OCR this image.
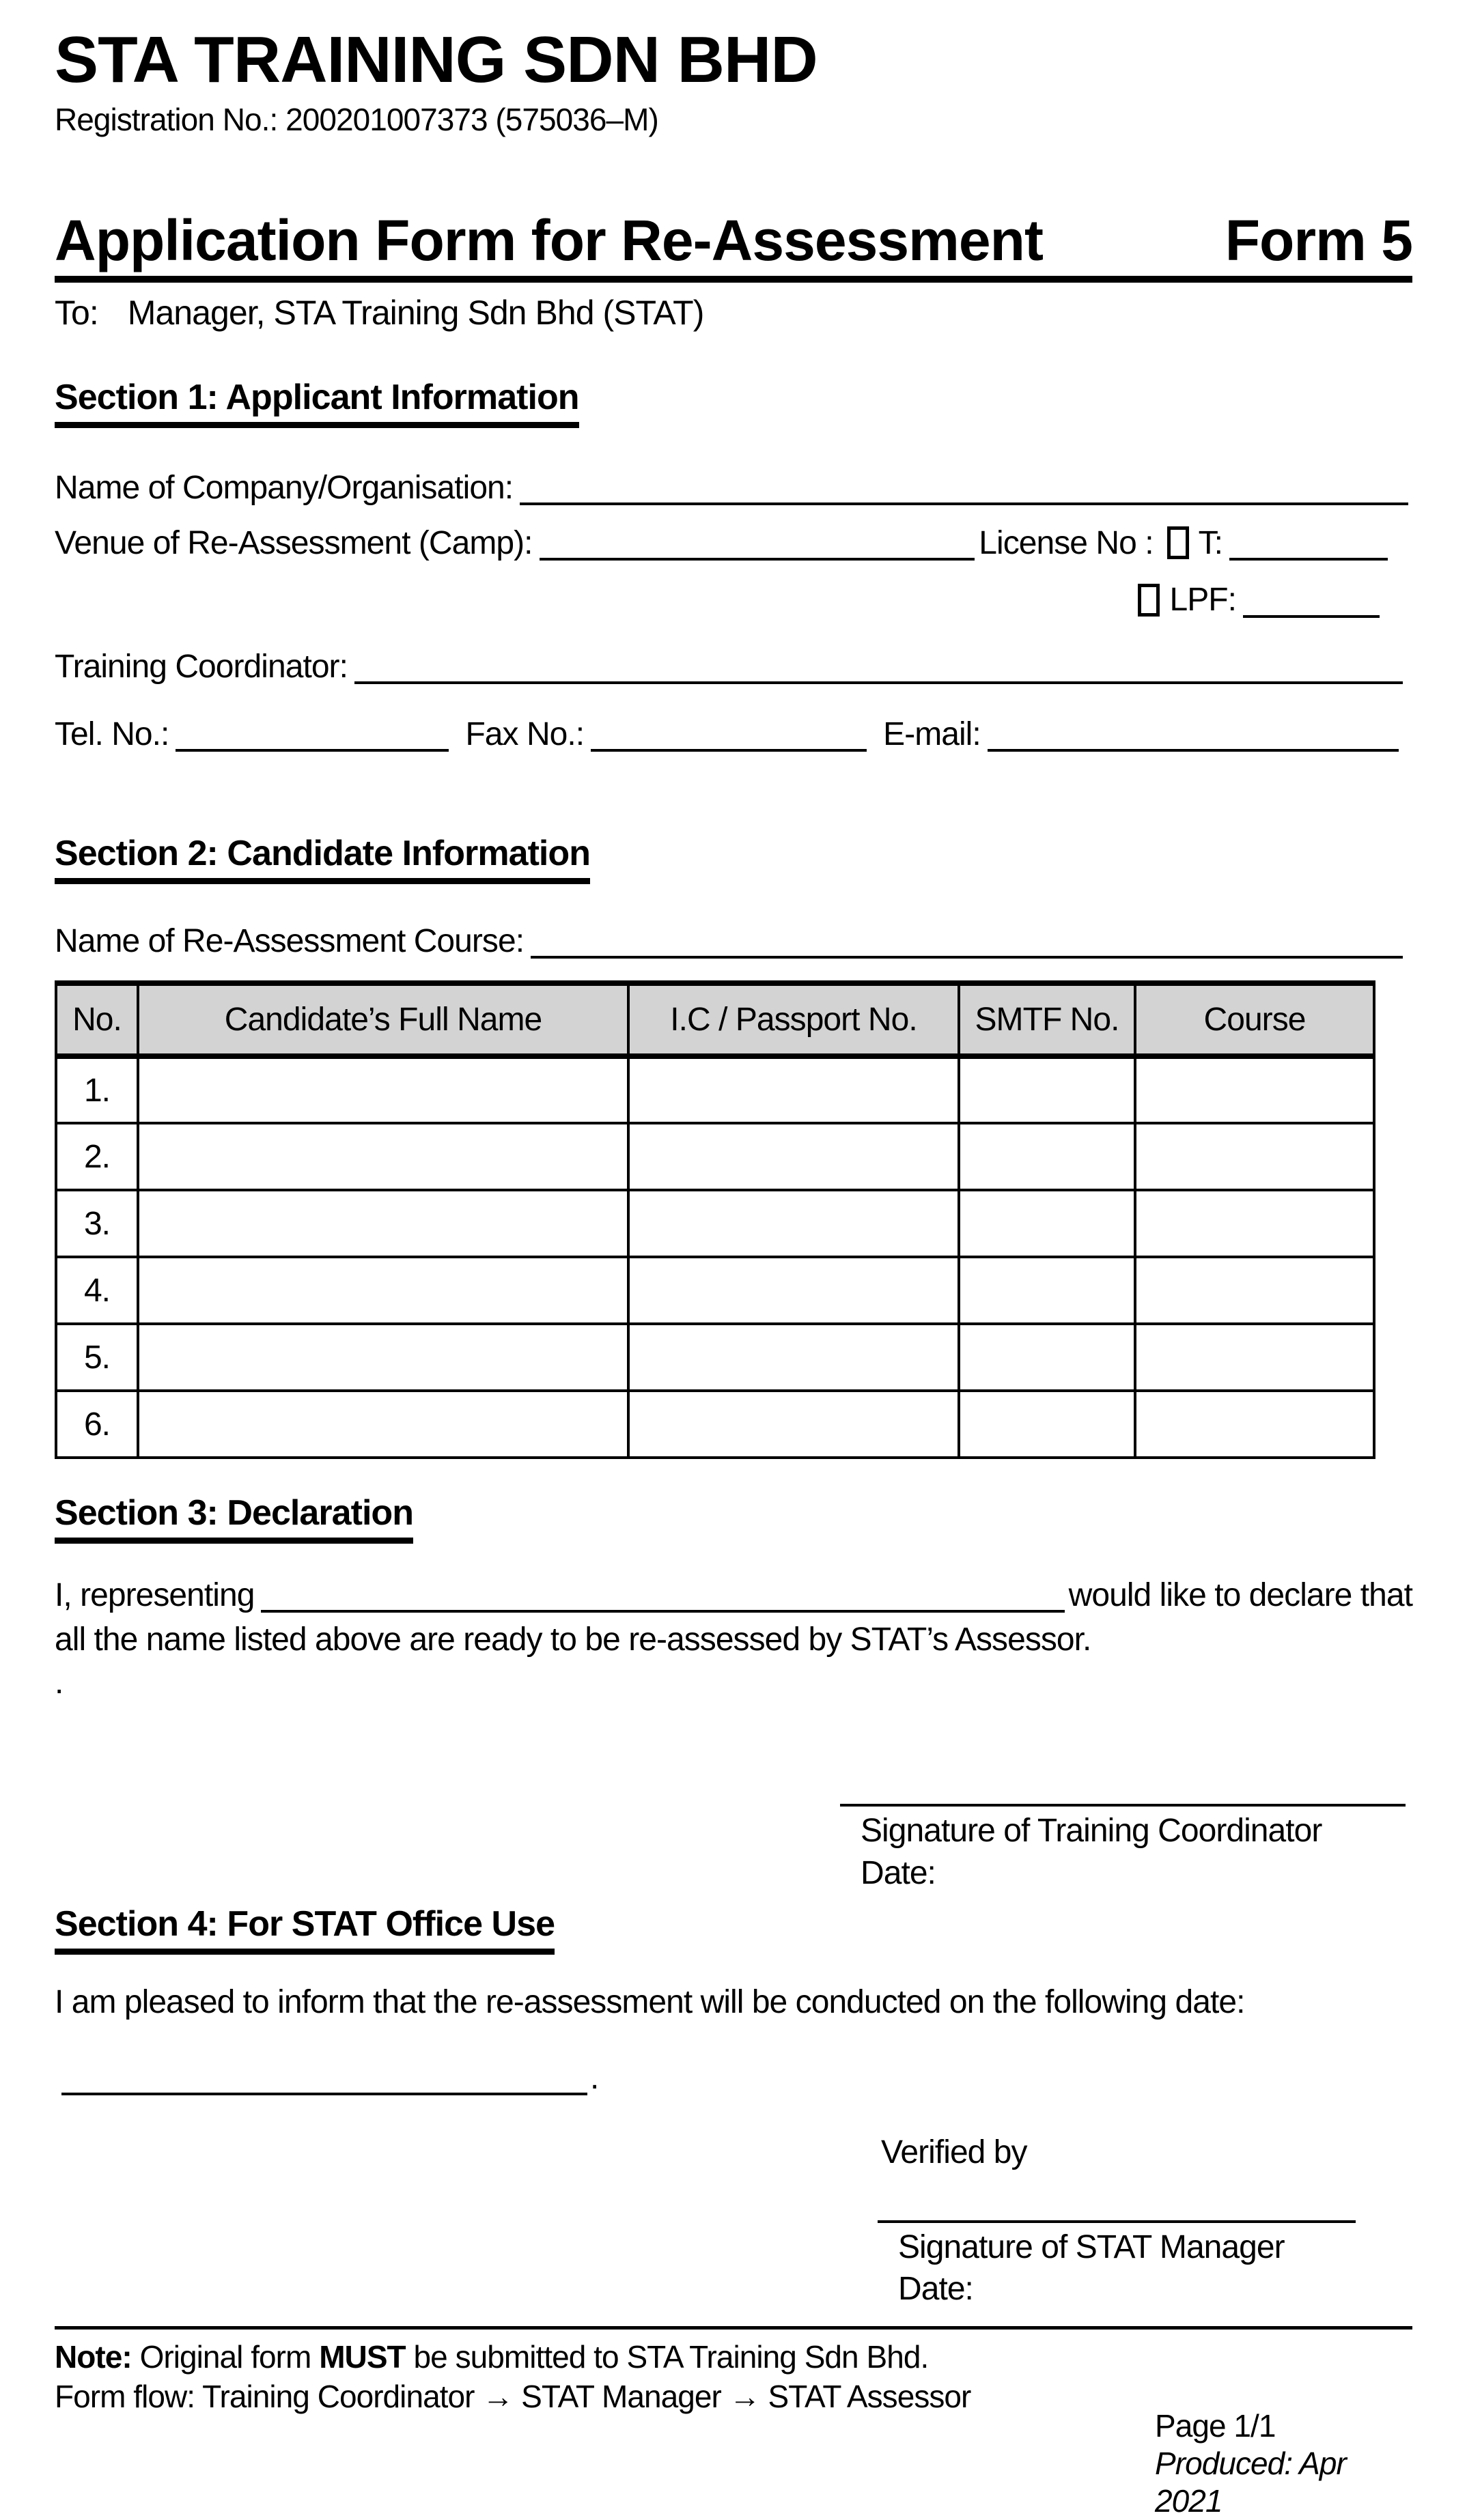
STA TRAINING SDN BHD
Registration No.: 200201007373 (575036–M)
Application Form for Re-Assessment	Form 5
To: Manager, STA Training Sdn Bhd (STAT)
Section 1: Applicant Information
Name of Company/Organisation:
Venue of Re-Assessment (Camp):	License No : T:
LPF:
Training Coordinator:
Tel. No.:	Fax No.:	E-mail:
Section 2: Candidate Information
Name of Re-Assessment Course:
No.	Candidate’s Full Name	I.C / Passport No.	SMTF No.	Course
1.				
2.				
3.				
4.				
5.				
6.				
Section 3: Declaration
I, representing	would like to declare that
all the name listed above are ready to be re-assessed by STAT’s Assessor.
.
Signature of Training Coordinator
Date:
Section 4: For STAT Office Use
I am pleased to inform that the re-assessment will be conducted on the following date:
.
Verified by
Signature of STAT Manager
Date:
Note: Original form MUST be submitted to STA Training Sdn Bhd.
Form flow: Training Coordinator → STAT Manager → STAT Assessor
Page 1/1
Produced: Apr 2021
